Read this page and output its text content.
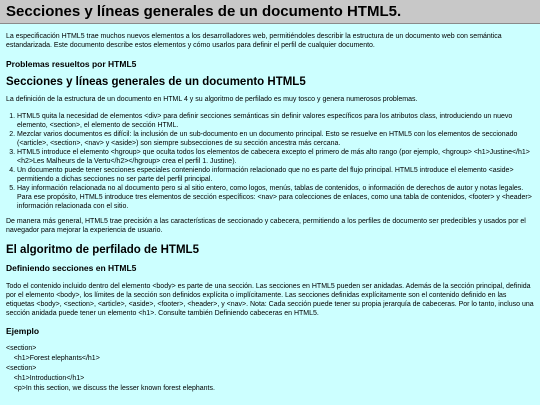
Secciones y líneas generales de un documento HTML5.

La especificación HTML5 trae muchos nuevos elementos a los desarrolladores web, permitiéndoles describir la estructura de un documento web con semántica estandarizada. Este documento describe estos elementos y cómo usarlos para definir el perfil de cualquier documento.

Problemas resueltos por HTML5
Secciones y líneas generales de un documento HTML5

La definición de la estructura de un documento en HTML 4 y su algoritmo de perfilado es muy tosco y genera numerosos problemas.

1. HTML5 quita la necesidad de elementos <div> para definir secciones semánticas sin definir valores específicos para los atributos class, introduciendo un nuevo elemento, <section>, el elemento de sección HTML.
2. Mezclar varios documentos es difícil: la inclusión de un sub-documento en un documento principal. Esto se resuelve en HTML5 con los elementos de seccionado (<article>, <section>, <nav> y <aside>) son siempre subsecciones de su sección ancestra más cercana.
3. HTML5 introduce el elemento <hgroup> que oculta todos los elementos de cabecera excepto el primero de más alto rango (por ejemplo, <hgroup> <h1>Justine</h1><h2>Les Malheurs de la Vertu</h2></hgroup> crea el perfil 1. Justine).
4. Un documento puede tener secciones especiales conteniendo información relacionado que no es parte del flujo principal. HTML5 introduce el elemento <aside> permitiendo a dichas secciones no ser parte del perfil principal.
5. Hay información relacionada no al documento pero si al sitio entero, como logos, menús, tablas de contenidos, o información de derechos de autor y notas legales. Para ese propósito, HTML5 introduce tres elementos de sección específicos: <nav> para colecciones de enlaces, como una tabla de contenidos, <footer> y <header> información relacionada con el sitio.

De manera más general, HTML5 trae precisión a las características de seccionado y cabecera, permitiendo a los perfiles de documento ser predecibles y usados por el navegador para mejorar la experiencia de usuario.

El algoritmo de perfilado de HTML5
Definiendo secciones en HTML5

Todo el contenido incluido dentro del elemento <body> es parte de una sección. Las secciones en HTML5 pueden ser anidadas. Además de la sección principal, definida por el elemento <body>, los límites de la sección son definidos explícita o implícitamente. Las secciones definidas explícitamente son el contenido definido en las etiquetas <body>, <section>, <article>, <aside>, <footer>, <header>, y <nav>. Nota: Cada sección puede tener su propia jerarquía de cabeceras. Por lo tanto, incluso una sección anidada puede tener un elemento <h1>. Consulte también Definiendo cabeceras en HTML5.

Ejemplo
<section>
<h1>Forest elephants</h1>
<section>
<h1>Introduction</h1>
<p>In this section, we discuss the lesser known forest elephants.
